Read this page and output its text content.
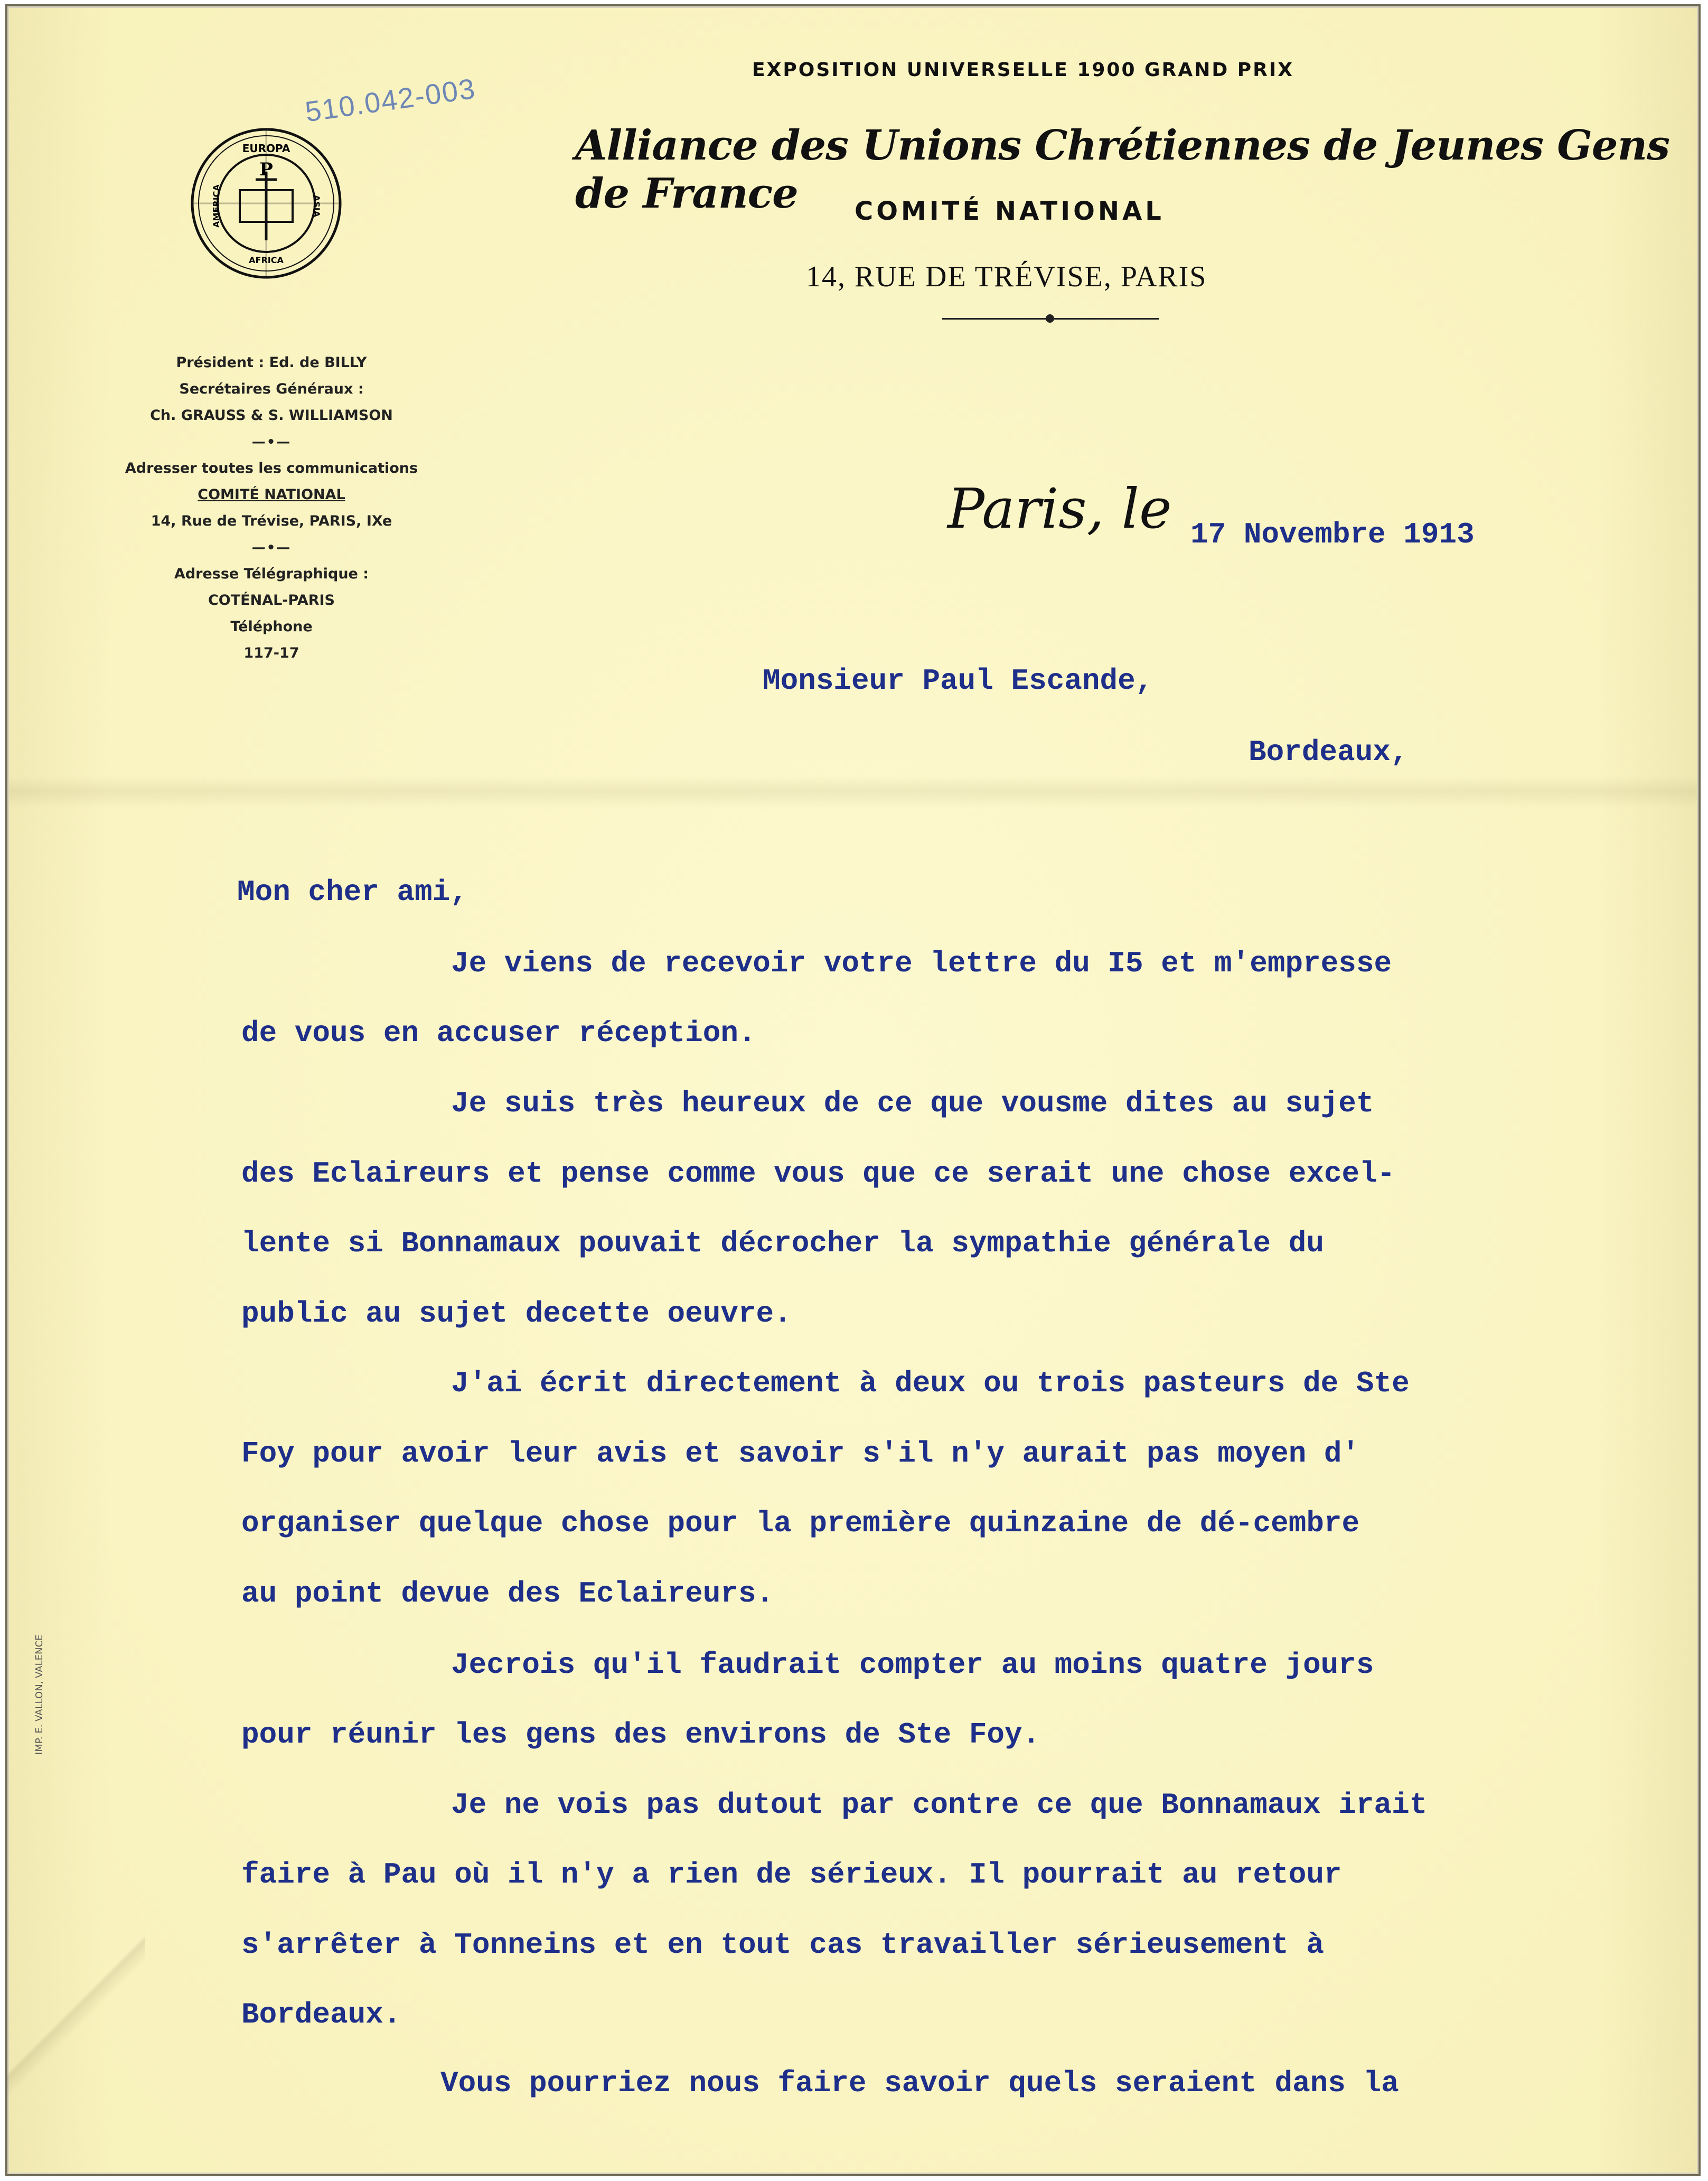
510.042-003
EUROPA
ASIA
AFRICA
AMERICA
P
EXPOSITION UNIVERSELLE 1900 GRAND PRIX
Alliance des Unions Chrétiennes de Jeunes Gens de France	COMITÉ NATIONAL
14, RUE DE TRÉVISE, PARIS
Président : Ed. de BILLY
Secrétaires Généraux :
Ch. GRAUSS & S. WILLIAMSON
—•—
Adresser toutes les communications
COMITÉ NATIONAL
14, Rue de Trévise, PARIS, IXe
—•—
Adresse Télégraphique :
COTÉNAL-PARIS
Téléphone
117-17
IMP. E. VALLON, VALENCE
Paris, le 17 Novembre 1913
Monsieur Paul Escande,
Bordeaux,
Mon cher ami,
Je viens de recevoir votre lettre du I5 et m'empresse
de vous en accuser réception.
Je suis très heureux de ce que vousme dites au sujet
des Eclaireurs et pense comme vous que ce serait une chose excel-
lente si Bonnamaux pouvait décrocher la sympathie générale du
public au sujet decette oeuvre.
J'ai écrit directement à deux ou trois pasteurs de Ste
Foy pour avoir leur avis et savoir s'il n'y aurait pas moyen d'
organiser quelque chose pour la première quinzaine de dé-cembre
au point devue des Eclaireurs.
Jecrois qu'il faudrait compter au moins quatre jours
pour réunir les gens des environs de Ste Foy.
Je ne vois pas dutout par contre ce que Bonnamaux irait
faire à Pau où il n'y a rien de sérieux. Il pourrait au retour
s'arrêter à Tonneins et en tout cas travailler sérieusement à
Bordeaux.
Vous pourriez nous faire savoir quels seraient dans la
